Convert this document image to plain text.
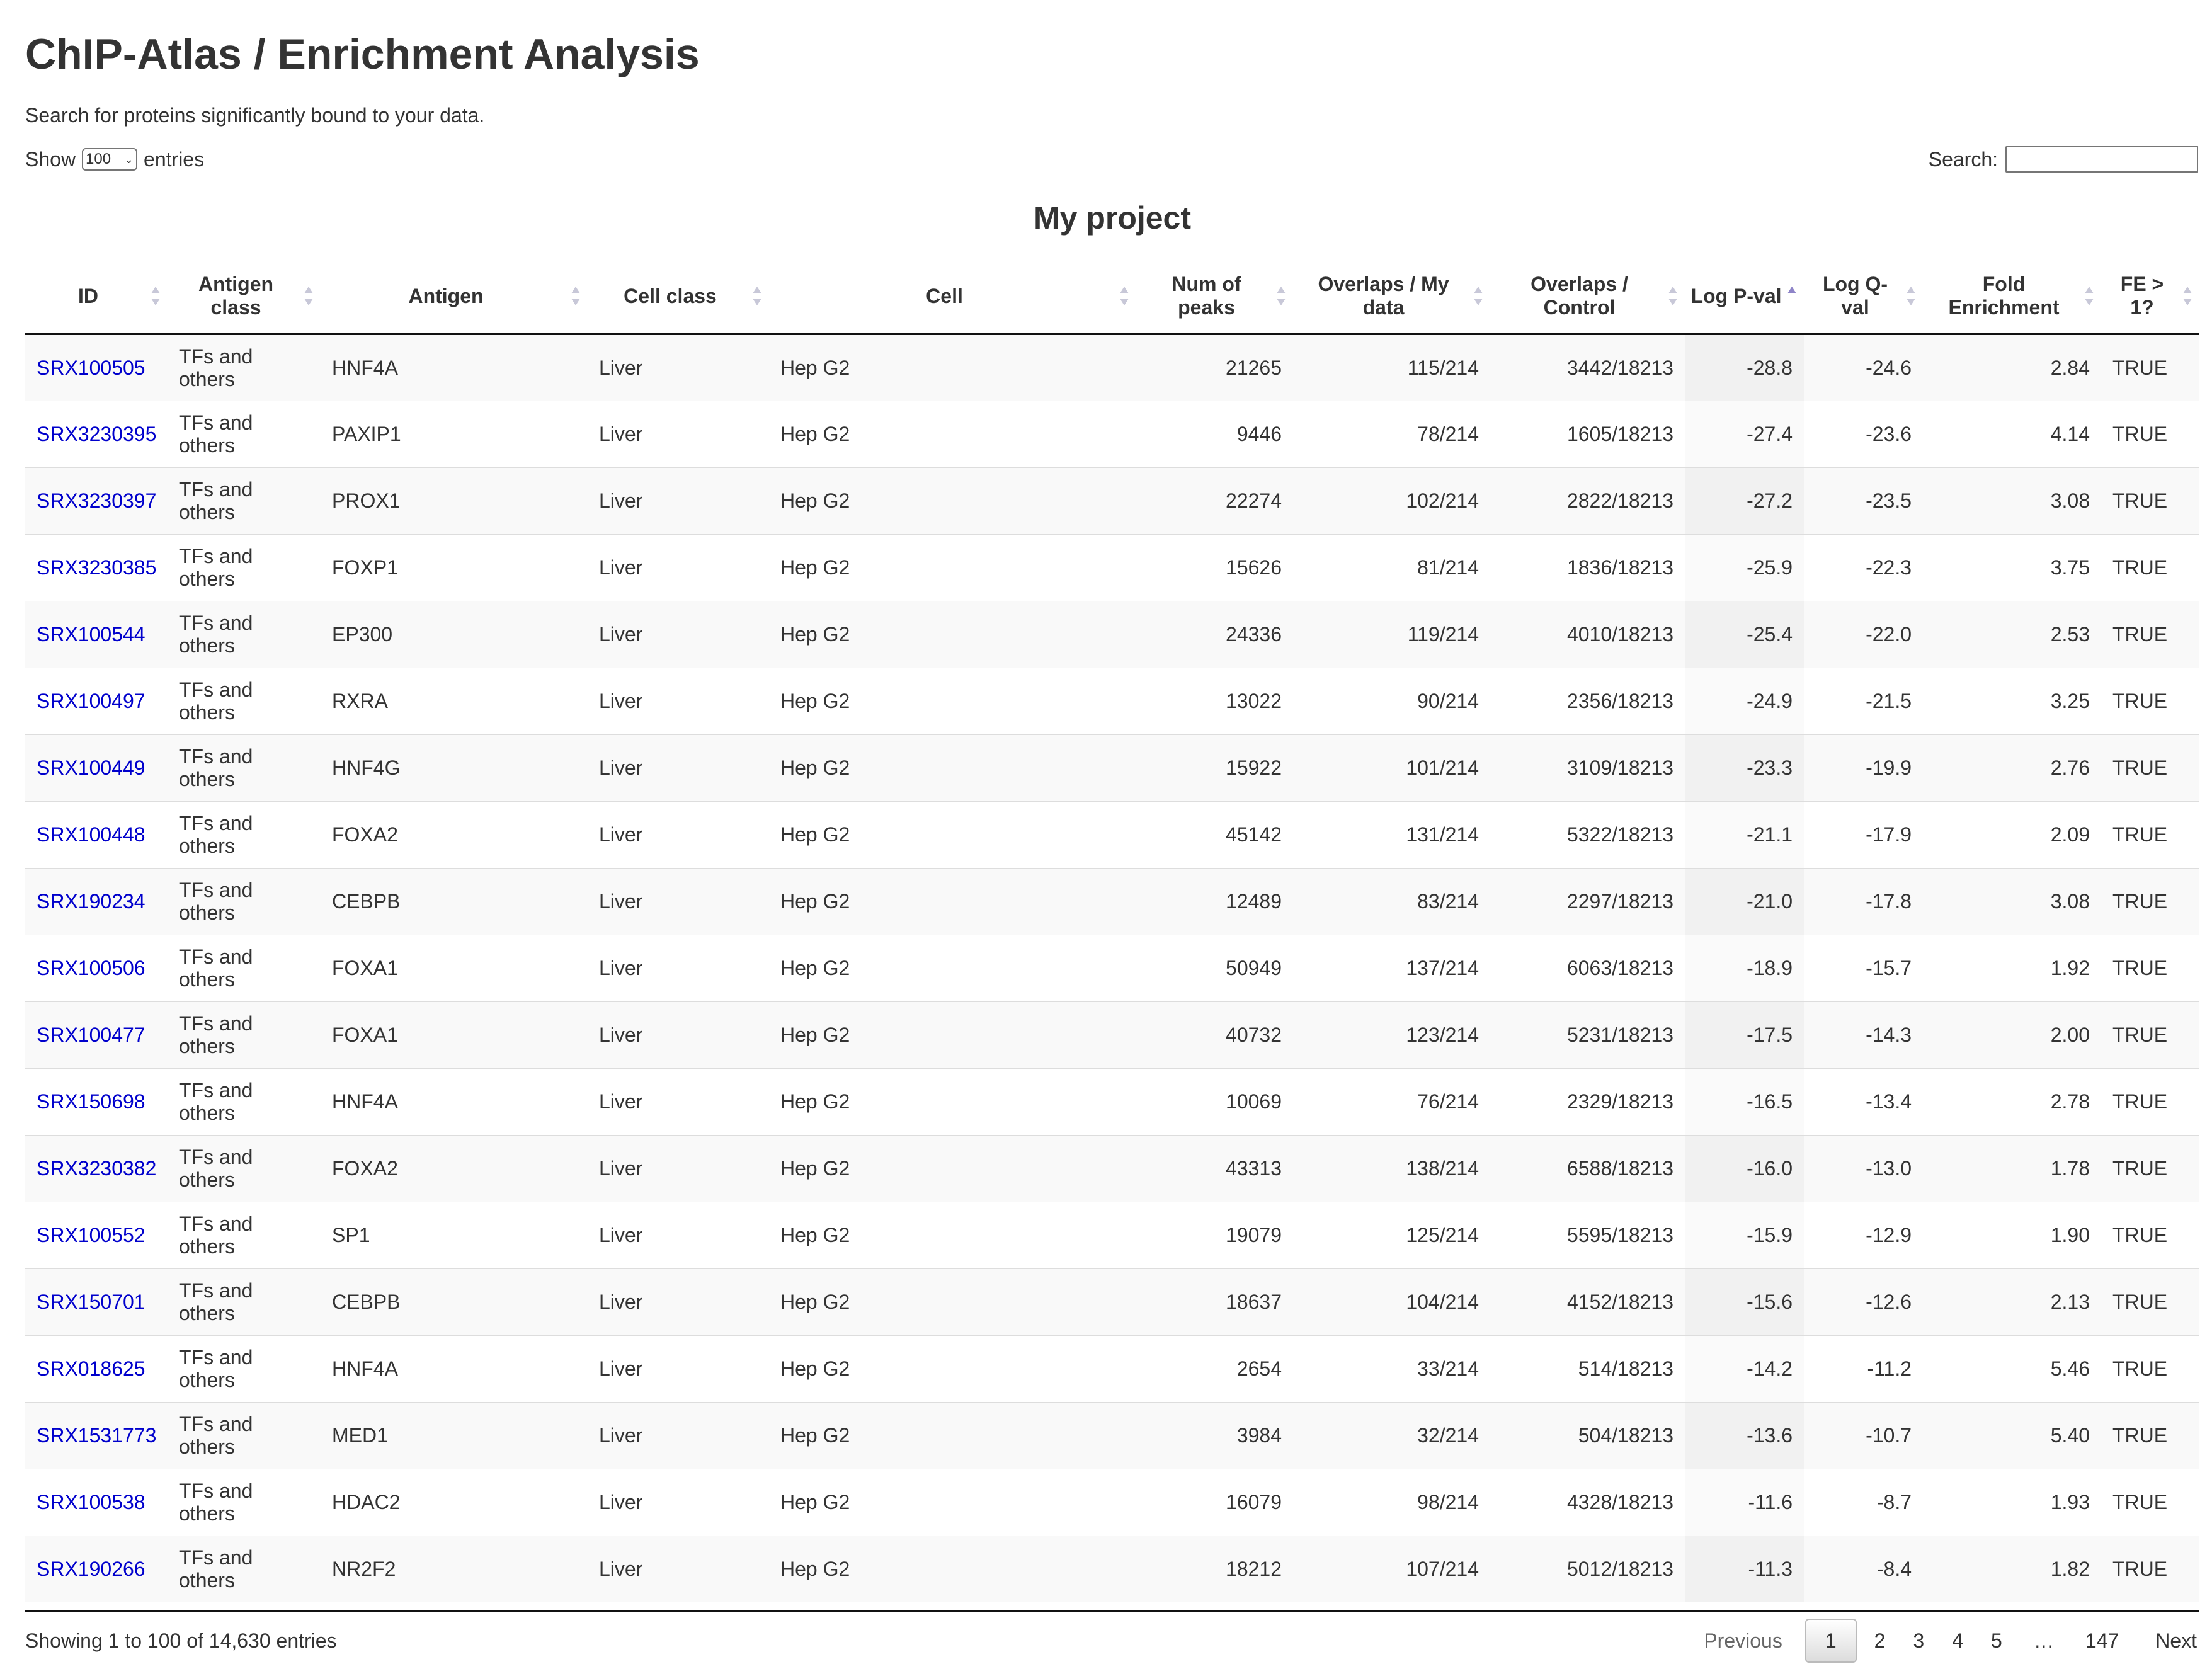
ChIP-Atlas / Enrichment Analysis
Search for proteins significantly bound to your data.
Show 100 ⌄ entries	Search:
My project
ID	Antigen class	Antigen	Cell class	Cell	Num of peaks	Overlaps / My data	Overlaps / Control	Log P-val	Log Q-val	Fold Enrichment	FE > 1?

SRX100505	TFs and others	HNF4A	Liver	Hep G2	21265	115/214	3442/18213	-28.8	-24.6	2.84	TRUE
SRX3230395	TFs and others	PAXIP1	Liver	Hep G2	9446	78/214	1605/18213	-27.4	-23.6	4.14	TRUE
SRX3230397	TFs and others	PROX1	Liver	Hep G2	22274	102/214	2822/18213	-27.2	-23.5	3.08	TRUE
SRX3230385	TFs and others	FOXP1	Liver	Hep G2	15626	81/214	1836/18213	-25.9	-22.3	3.75	TRUE
SRX100544	TFs and others	EP300	Liver	Hep G2	24336	119/214	4010/18213	-25.4	-22.0	2.53	TRUE
SRX100497	TFs and others	RXRA	Liver	Hep G2	13022	90/214	2356/18213	-24.9	-21.5	3.25	TRUE
SRX100449	TFs and others	HNF4G	Liver	Hep G2	15922	101/214	3109/18213	-23.3	-19.9	2.76	TRUE
SRX100448	TFs and others	FOXA2	Liver	Hep G2	45142	131/214	5322/18213	-21.1	-17.9	2.09	TRUE
SRX190234	TFs and others	CEBPB	Liver	Hep G2	12489	83/214	2297/18213	-21.0	-17.8	3.08	TRUE
SRX100506	TFs and others	FOXA1	Liver	Hep G2	50949	137/214	6063/18213	-18.9	-15.7	1.92	TRUE
SRX100477	TFs and others	FOXA1	Liver	Hep G2	40732	123/214	5231/18213	-17.5	-14.3	2.00	TRUE
SRX150698	TFs and others	HNF4A	Liver	Hep G2	10069	76/214	2329/18213	-16.5	-13.4	2.78	TRUE
SRX3230382	TFs and others	FOXA2	Liver	Hep G2	43313	138/214	6588/18213	-16.0	-13.0	1.78	TRUE
SRX100552	TFs and others	SP1	Liver	Hep G2	19079	125/214	5595/18213	-15.9	-12.9	1.90	TRUE
SRX150701	TFs and others	CEBPB	Liver	Hep G2	18637	104/214	4152/18213	-15.6	-12.6	2.13	TRUE
SRX018625	TFs and others	HNF4A	Liver	Hep G2	2654	33/214	514/18213	-14.2	-11.2	5.46	TRUE
SRX1531773	TFs and others	MED1	Liver	Hep G2	3984	32/214	504/18213	-13.6	-10.7	5.40	TRUE
SRX100538	TFs and others	HDAC2	Liver	Hep G2	16079	98/214	4328/18213	-11.6	-8.7	1.93	TRUE
SRX190266	TFs and others	NR2F2	Liver	Hep G2	18212	107/214	5012/18213	-11.3	-8.4	1.82	TRUE
Showing 1 to 100 of 14,630 entries	Previous	1	2	3	4	5	…	147	Next
